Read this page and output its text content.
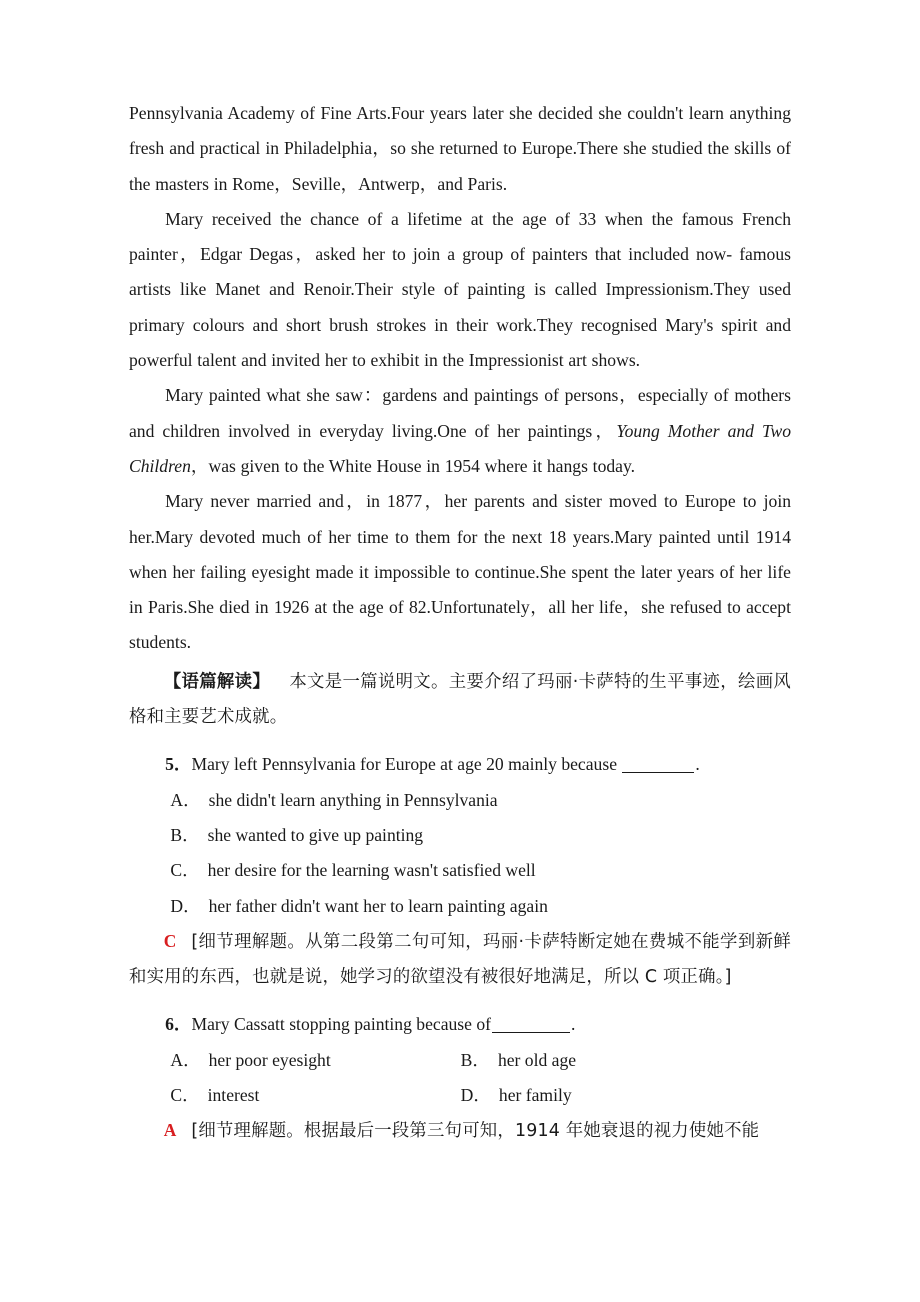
Pennsylvania Academy of Fine Arts.Four years later she decided she couldn't learn anything fresh and practical in Philadelphia，so she returned to Europe.There she studied the skills of the masters in Rome，Seville，Antwerp，and Paris.

Mary received the chance of a lifetime at the age of 33 when the famous French painter，Edgar Degas，asked her to join a group of painters that included now- famous artists like Manet and Renoir.Their style of painting is called Impressionism.They used primary colours and short brush strokes in their work.They recognised Mary's spirit and powerful talent and invited her to exhibit in the Impressionist art shows.

Mary painted what she saw：gardens and paintings of persons，especially of mothers and children involved in everyday living.One of her paintings，Young Mother and Two Children，was given to the White House in 1954 where it hangs today.

Mary never married and，in 1877，her parents and sister moved to Europe to join her.Mary devoted much of her time to them for the next 18 years.Mary painted until 1914 when her failing eyesight made it impossible to continue.She spent the later years of her life in Paris.She died in 1926 at the age of 82.Unfortunately，all her life，she refused to accept students.

【语篇解读】 本文是一篇说明文。主要介绍了玛丽·卡萨特的生平事迹，绘画风格和主要艺术成就。

5．Mary left Pennsylvania for Europe at age 20 mainly because	.

A． she didn't learn anything in Pennsylvania

B． she wanted to give up painting

C． her desire for the learning wasn't satisfied well

D． her father didn't want her to learn painting again

C [细节理解题。从第二段第二句可知，玛丽·卡萨特断定她在费城不能学到新鲜和实用的东西，也就是说，她学习的欲望没有被很好地满足，所以 C 项正确。]

6．Mary Cassatt stopping painting because of	.

A． her poor eyesight	B． her old age
C． interest	D． her family

A [细节理解题。根据最后一段第三句可知，1914 年她衰退的视力使她不能
